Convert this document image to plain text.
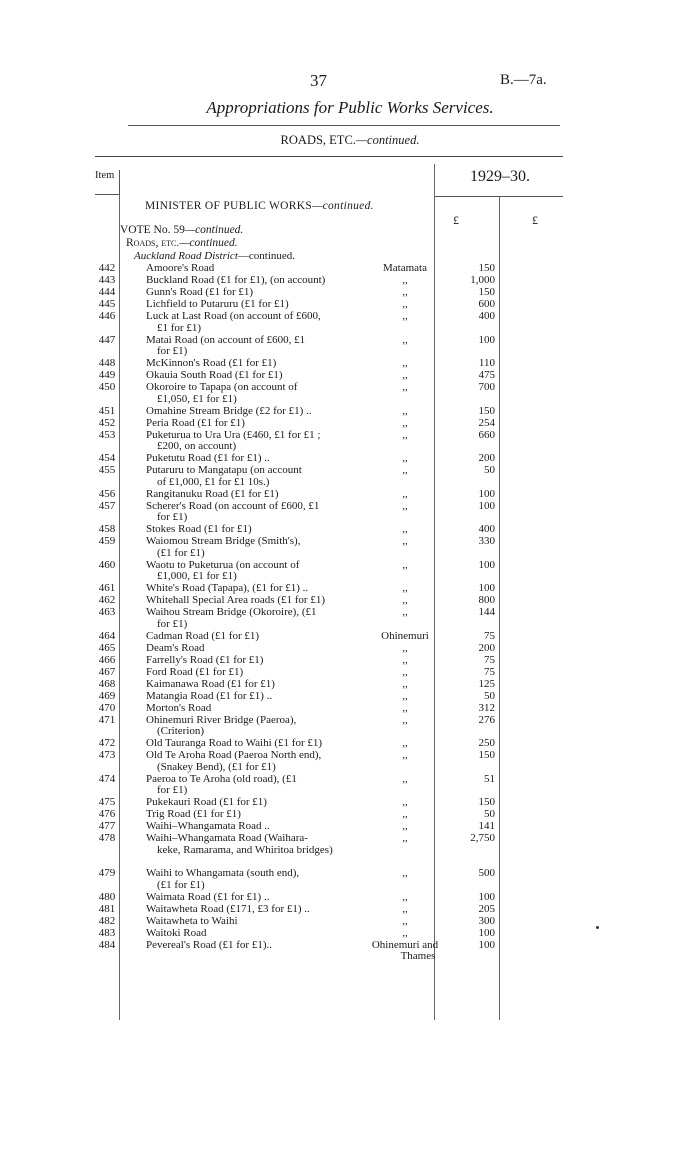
37	B.—7a.
Appropriations for Public Works Services.
ROADS, ETC.—continued.
Item	1929–30.
MINISTER OF PUBLIC WORKS—continued.
£	£
VOTE No. 59—continued.
Roads, etc.—continued.
Auckland Road District—continued.
442	Amoore's Road	Matamata	150
443	Buckland Road (£1 for £1), (on account)	,,	1,000
444	Gunn's Road (£1 for £1)	,,	150
445	Lichfield to Putaruru (£1 for £1)	,,	600
446	Luck at Last Road (on account of £600,
£1 for £1)
,,	400
447	Matai Road (on account of £600, £1
for £1)
,,	100
448	McKinnon's Road (£1 for £1)	,,	110
449	Okauia South Road (£1 for £1)	,,	475
450	Okoroire to Tapapa (on account of
£1,050, £1 for £1)
,,	700
451	Omahine Stream Bridge (£2 for £1) ..	,,	150
452	Peria Road (£1 for £1)	,,	254
453	Puketurua to Ura Ura (£460, £1 for £1 ;
£200, on account)
,,	660
454	Puketutu Road (£1 for £1) ..	,,	200
455	Putaruru to Mangatapu (on account
of £1,000, £1 for £1 10s.)
,,	50
456	Rangitanuku Road (£1 for £1)	,,	100
457	Scherer's Road (on account of £600, £1
for £1)
,,	100
458	Stokes Road (£1 for £1)	,,	400
459	Waiomou Stream Bridge (Smith's),
(£1 for £1)
,,	330
460	Waotu to Puketurua (on account of
£1,000, £1 for £1)
,,	100
461	White's Road (Tapapa), (£1 for £1) ..	,,	100
462	Whitehall Special Area roads (£1 for £1)	,,	800
463	Waihou Stream Bridge (Okoroire), (£1
for £1)
,,	144
464	Cadman Road (£1 for £1)	Ohinemuri	75
465	Deam's Road	,,	200
466	Farrelly's Road (£1 for £1)	,,	75
467	Ford Road (£1 for £1)	,,	75
468	Kaimanawa Road (£1 for £1)	,,	125
469	Matangia Road (£1 for £1) ..	,,	50
470	Morton's Road	,,	312
471	Ohinemuri River Bridge (Paeroa),
(Criterion)
,,	276
472	Old Tauranga Road to Waihi (£1 for £1)	,,	250
473	Old Te Aroha Road (Paeroa North end),
(Snakey Bend), (£1 for £1)
,,	150
474	Paeroa to Te Aroha (old road), (£1
for £1)
,,	51
475	Pukekauri Road (£1 for £1)	,,	150
476	Trig Road (£1 for £1)	,,	50
477	Waihi–Whangamata Road ..	,,	141
478	Waihi–Whangamata Road (Waihara-
keke, Ramarama, and Whiritoa bridges)
,,	2,750
479	Waihi to Whangamata (south end),
(£1 for £1)
,,	500
480	Waimata Road (£1 for £1) ..	,,	100
481	Waitawheta Road (£171, £3 for £1) ..	,,	205
482	Waitawheta to Waihi	,,	300
483	Waitoki Road	,,	100
484	Pevereal's Road (£1 for £1)..	Ohinemuri and
Thames
100
